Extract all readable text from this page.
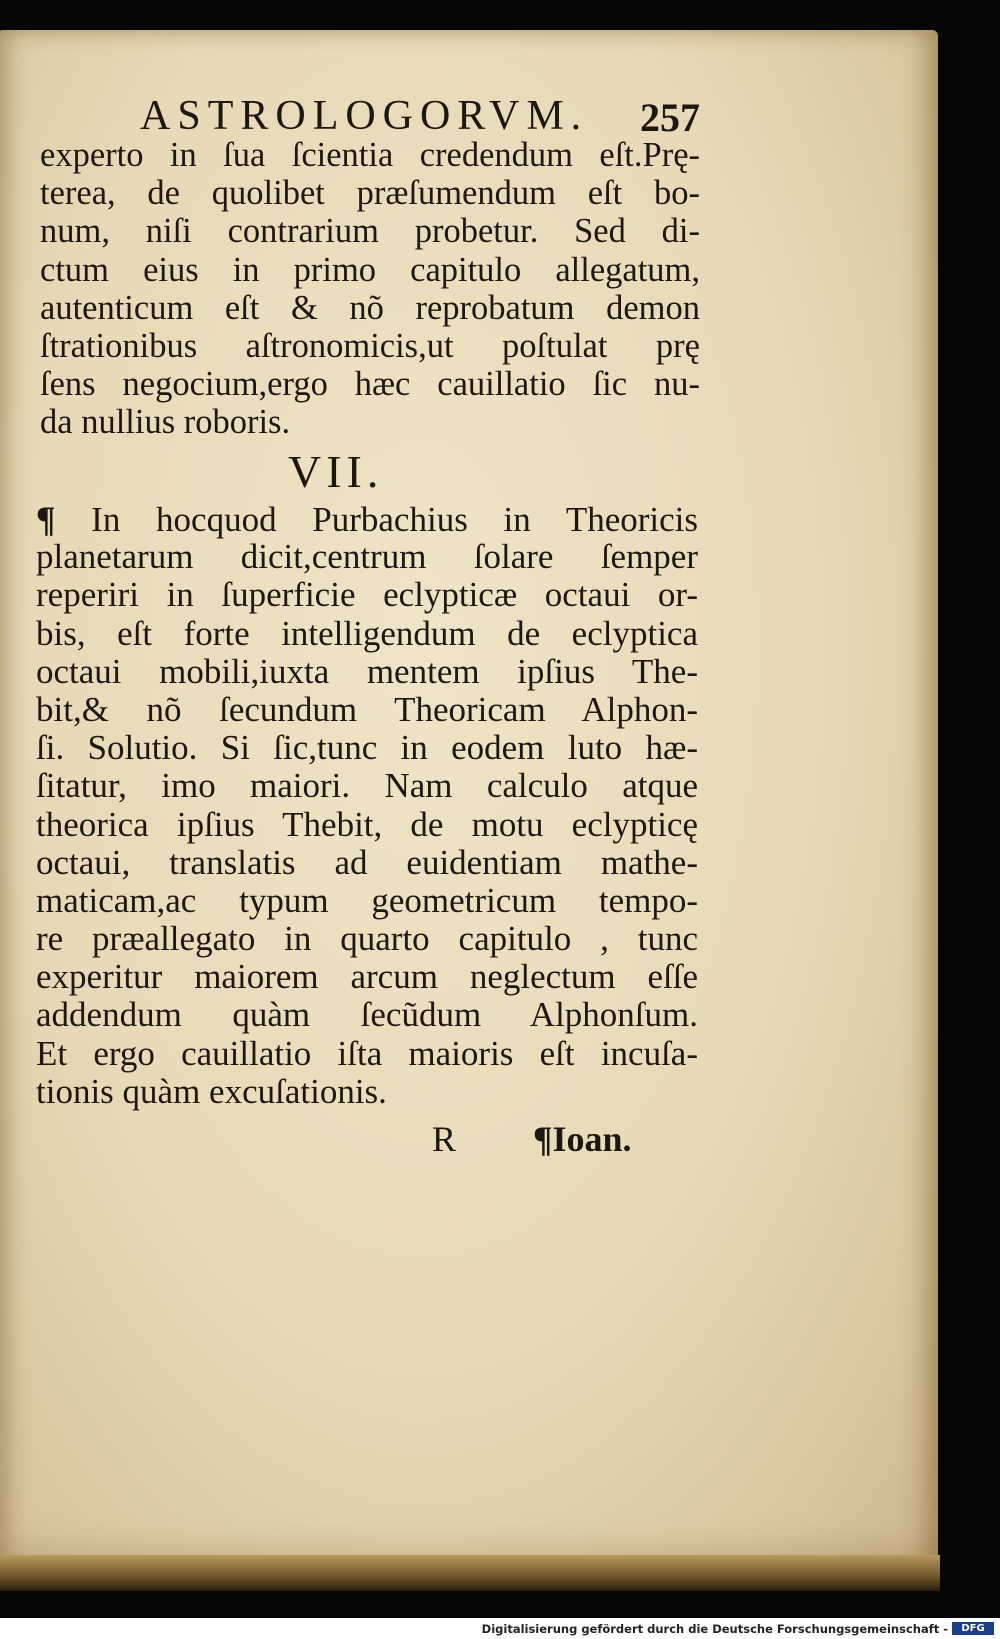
ASTROLOGORVM. 257
experto in ſua ſcientia credendum eſt.Prę-
terea, de quolibet præſumendum eſt bo-
num, niſi contrarium probetur. Sed di-
ctum eius in primo capitulo allegatum,
autenticum eſt & nõ reprobatum demon
ſtrationibus aſtronomicis,ut poſtulat prę
ſens negocium,ergo hæc cauillatio ſic nu-
da nullius roboris.
VII.
¶ In hocquod Purbachius in Theoricis
planetarum dicit,centrum ſolare ſemper
reperiri in ſuperficie eclypticæ octaui or-
bis, eſt forte intelligendum de eclyptica
octaui mobili,iuxta mentem ipſius The-
bit,& nõ ſecundum Theoricam Alphon-
ſi. Solutio. Si ſic,tunc in eodem luto hæ-
ſitatur, imo maiori. Nam calculo atque
theorica ipſius Thebit, de motu eclypticę
octaui, translatis ad euidentiam mathe-
maticam,ac typum geometricum tempo-
re præallegato in quarto capitulo , tunc
experitur maiorem arcum neglectum eſſe
addendum quàm ſecũdum Alphonſum.
Et ergo cauillatio iſta maioris eſt incuſa-
tionis quàm excuſationis.
R ¶Ioan.
Digitalisierung gefördert durch die Deutsche Forschungsgemeinschaft -	DFG
